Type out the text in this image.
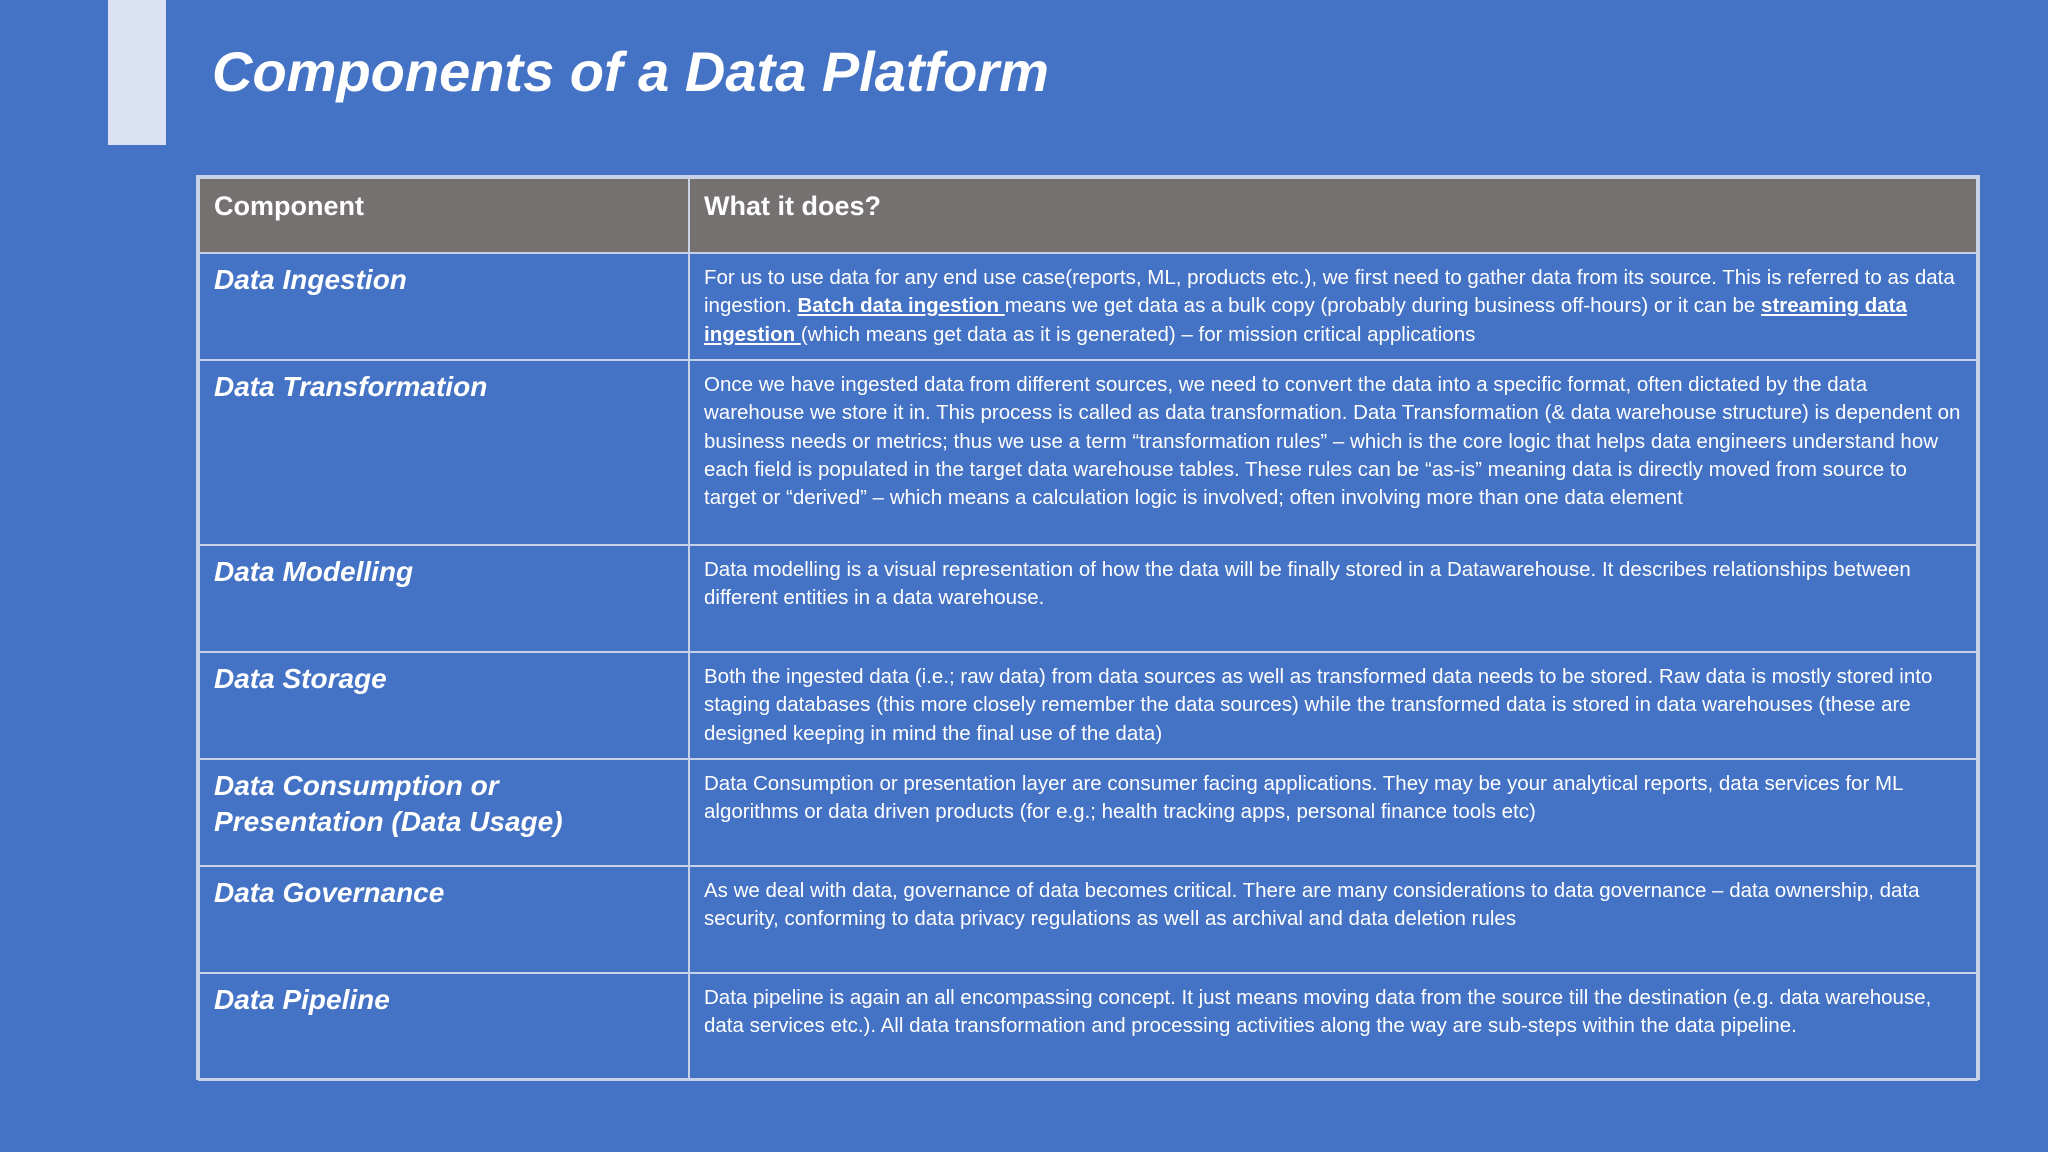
Components of a Data Platform
Component	What it does?
Data Ingestion	For us to use data for any end use case(reports, ML, products etc.), we first need to gather data from its source. This is referred to as data ingestion. Batch data ingestion means we get data as a bulk copy (probably during business off-hours) or it can be streaming data ingestion (which means get data as it is generated) – for mission critical applications
Data Transformation	Once we have ingested data from different sources, we need to convert the data into a specific format, often dictated by the data warehouse we store it in. This process is called as data transformation. Data Transformation (& data warehouse structure) is dependent on business needs or metrics; thus we use a term “transformation rules” – which is the core logic that helps data engineers understand how each field is populated in the target data warehouse tables. These rules can be “as-is” meaning data is directly moved from source to target or “derived” – which means a calculation logic is involved; often involving more than one data element
Data Modelling	Data modelling is a visual representation of how the data will be finally stored in a Datawarehouse. It describes relationships between different entities in a data warehouse.
Data Storage	Both the ingested data (i.e.; raw data) from data sources as well as transformed data needs to be stored. Raw data is mostly stored into staging databases (this more closely remember the data sources) while the transformed data is stored in data warehouses (these are designed keeping in mind the final use of the data)
Data Consumption or Presentation (Data Usage)	Data Consumption or presentation layer are consumer facing applications. They may be your analytical reports, data services for ML algorithms or data driven products (for e.g.; health tracking apps, personal finance tools etc)
Data Governance	As we deal with data, governance of data becomes critical. There are many considerations to data governance – data ownership, data security, conforming to data privacy regulations as well as archival and data deletion rules
Data Pipeline	Data pipeline is again an all encompassing concept. It just means moving data from the source till the destination (e.g. data warehouse, data services etc.). All data transformation and processing activities along the way are sub-steps within the data pipeline.
